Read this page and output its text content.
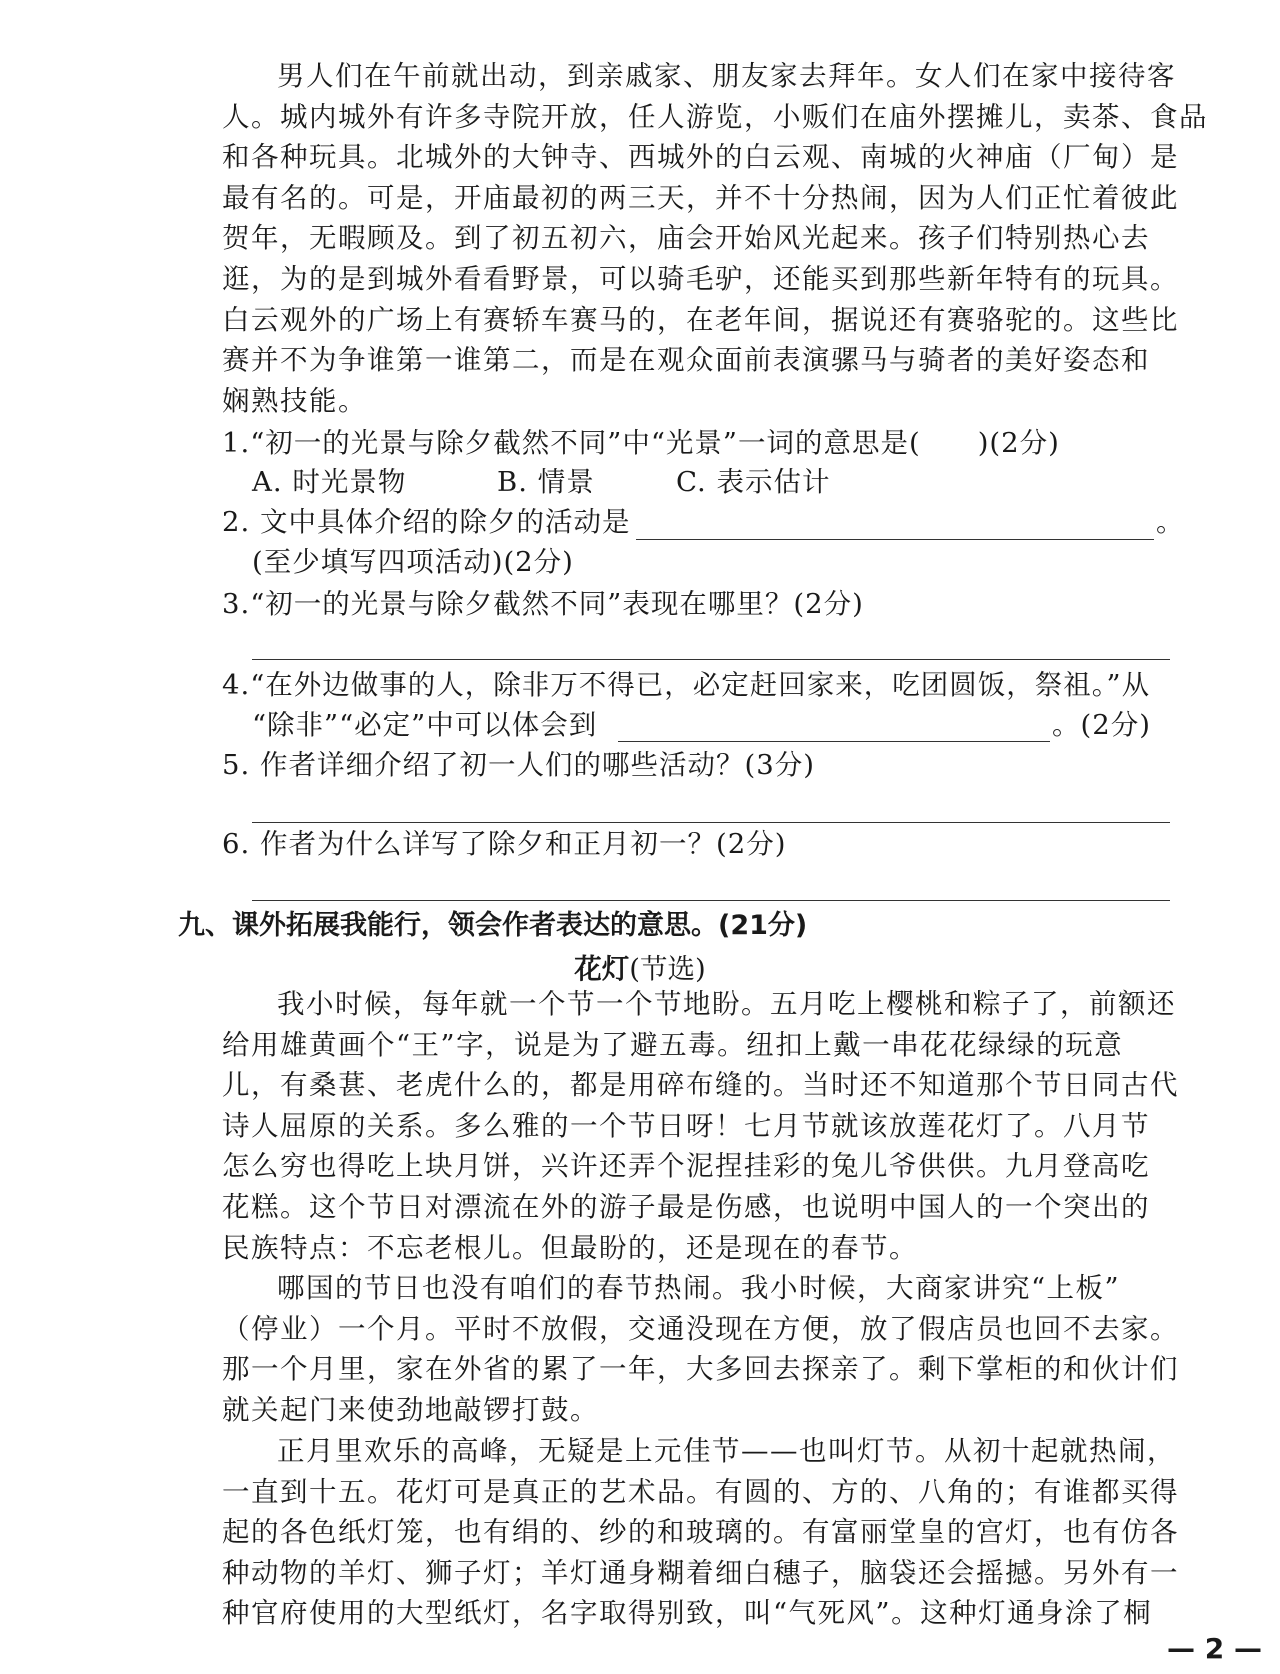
男人们在午前就出动，到亲戚家、朋友家去拜年。女人们在家中接待客
人。城内城外有许多寺院开放，任人游览，小贩们在庙外摆摊儿，卖茶、食品
和各种玩具。北城外的大钟寺、西城外的白云观、南城的火神庙（厂甸）是
最有名的。可是，开庙最初的两三天，并不十分热闹，因为人们正忙着彼此
贺年，无暇顾及。到了初五初六，庙会开始风光起来。孩子们特别热心去
逛，为的是到城外看看野景，可以骑毛驴，还能买到那些新年特有的玩具。
白云观外的广场上有赛轿车赛马的，在老年间，据说还有赛骆驼的。这些比
赛并不为争谁第一谁第二，而是在观众面前表演骡马与骑者的美好姿态和
娴熟技能。
1.“初一的光景与除夕截然不同”中“光景”一词的意思是(　　)(2分)
A. 时光景物	B. 情景	C. 表示估计
2. 文中具体介绍的除夕的活动是	。
(至少填写四项活动)(2分)
3.“初一的光景与除夕截然不同”表现在哪里？(2分)
4.“在外边做事的人，除非万不得已，必定赶回家来，吃团圆饭，祭祖。”从
“除非”“必定”中可以体会到	。(2分)
5. 作者详细介绍了初一人们的哪些活动？(3分)
6. 作者为什么详写了除夕和正月初一？(2分)
九、课外拓展我能行，领会作者表达的意思。(21分)
花灯(节选)
我小时候，每年就一个节一个节地盼。五月吃上樱桃和粽子了，前额还
给用雄黄画个“王”字，说是为了避五毒。纽扣上戴一串花花绿绿的玩意
儿，有桑葚、老虎什么的，都是用碎布缝的。当时还不知道那个节日同古代
诗人屈原的关系。多么雅的一个节日呀！七月节就该放莲花灯了。八月节
怎么穷也得吃上块月饼，兴许还弄个泥捏挂彩的兔儿爷供供。九月登高吃
花糕。这个节日对漂流在外的游子最是伤感，也说明中国人的一个突出的
民族特点：不忘老根儿。但最盼的，还是现在的春节。
哪国的节日也没有咱们的春节热闹。我小时候，大商家讲究“上板”
（停业）一个月。平时不放假，交通没现在方便，放了假店员也回不去家。
那一个月里，家在外省的累了一年，大多回去探亲了。剩下掌柜的和伙计们
就关起门来使劲地敲锣打鼓。
正月里欢乐的高峰，无疑是上元佳节——也叫灯节。从初十起就热闹，
一直到十五。花灯可是真正的艺术品。有圆的、方的、八角的；有谁都买得
起的各色纸灯笼，也有绢的、纱的和玻璃的。有富丽堂皇的宫灯，也有仿各
种动物的羊灯、狮子灯；羊灯通身糊着细白穗子，脑袋还会摇撼。另外有一
种官府使用的大型纸灯，名字取得别致，叫“气死风”。这种灯通身涂了桐
— 2 —
